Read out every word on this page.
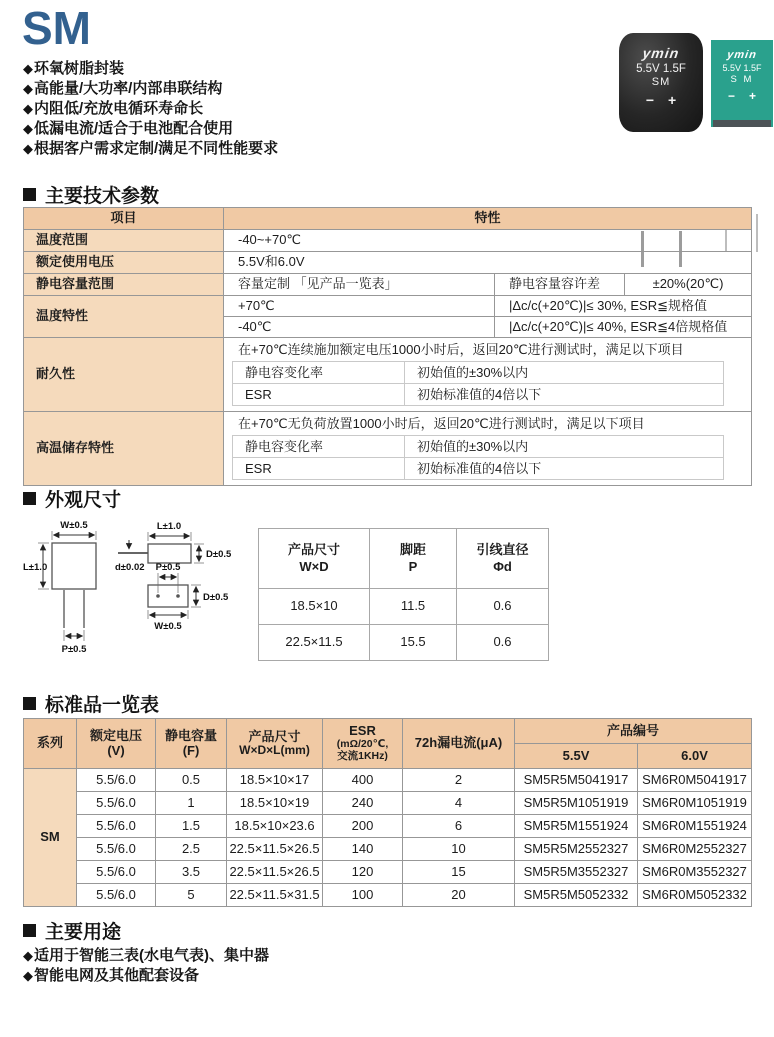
SM
◆环氧树脂封装
◆高能量/大功率/内部串联结构
◆内阻低/充放电循环寿命长
◆低漏电流/适合于电池配合使用
◆根据客户需求定制/满足不同性能要求
ymin
5.5V 1.5F
SM
− +
ymin
5.5V 1.5F
S M
− +
主要技术参数
项目	特性
温度范围	-40~+70℃
额定使用电压	5.5V和6.0V
静电容量范围	容量定制 「见产品一览表」	静电容量容许差	±20%(20℃)
温度特性	+70℃	|Δc/c(+20℃)|≤ 30%, ESR≦规格值
-40℃	|Δc/c(+20℃)|≤ 40%, ESR≦4倍规格值
耐久性	
在+70℃连续施加额定电压1000小时后，返回20℃进行测试时，满足以下项目
静电容变化率	初始值的±30%以内
ESR	初始标准值的4倍以下

高温储存特性	
在+70℃无负荷放置1000小时后，返回20℃进行测试时，满足以下项目
静电容变化率	初始值的±30%以内
ESR	初始标准值的4倍以下
外观尺寸
W±0.5
L±1.0
P±0.5
L±1.0
D±0.5
d±0.02 P±0.5
D±0.5
W±0.5
产品尺寸
W×D

脚距
P

引线直径
Φd

18.5×10	11.5	0.6
22.5×11.5	15.5	0.6
标准品一览表
系列	额定电压
(V)

静电容量
(F)

产品尺寸
W×D×L(mm)

ESR
(mΩ/20℃,
交流1KHz)
	72h漏电流(μA)	产品编号
						5.5V	6.0V
SM	5.5/6.0	0.5	18.5×10×17	400	2	SM5R5M5041917	SM6R0M5041917
	5.5/6.0	1	18.5×10×19	240	4	SM5R5M1051919	SM6R0M1051919
	5.5/6.0	1.5	18.5×10×23.6	200	6	SM5R5M1551924	SM6R0M1551924
	5.5/6.0	2.5	22.5×11.5×26.5	140	10	SM5R5M2552327	SM6R0M2552327
	5.5/6.0	3.5	22.5×11.5×26.5	120	15	SM5R5M3552327	SM6R0M3552327
	5.5/6.0	5	22.5×11.5×31.5	100	20	SM5R5M5052332	SM6R0M5052332
主要用途
◆适用于智能三表(水电气表)、集中器
◆智能电网及其他配套设备
